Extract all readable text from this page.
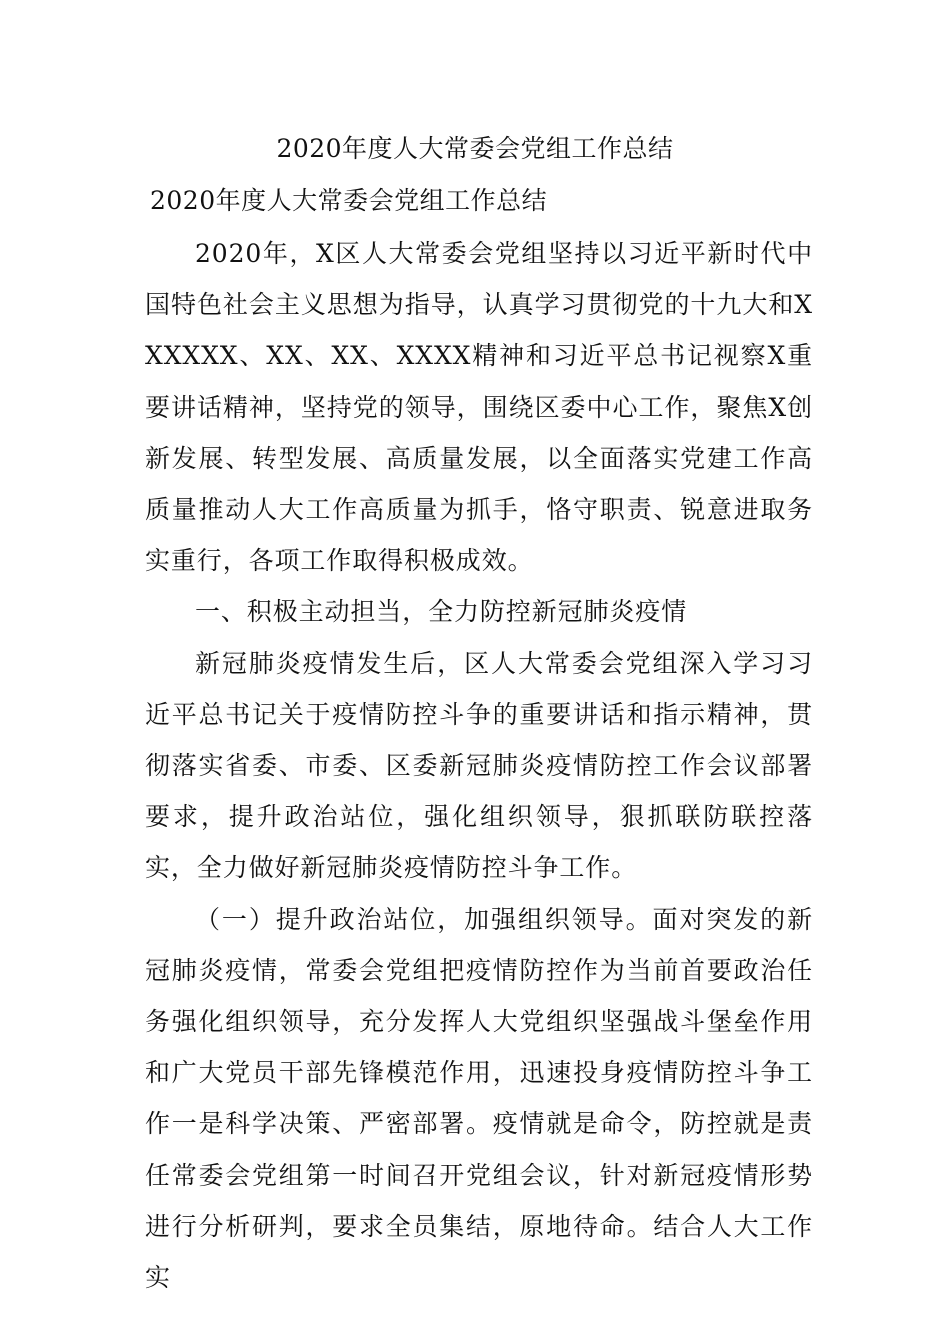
2020年度人大常委会党组工作总结
2020年度人大常委会党组工作总结

2020年，X区人大常委会党组坚持以习近平新时代中国特色社会主义思想为指导，认真学习贯彻党的十九大和XXXXXX、XX、XX、XXXX精神和习近平总书记视察X重要讲话精神，坚持党的领导，围绕区委中心工作，聚焦X创新发展、转型发展、高质量发展，以全面落实党建工作高质量推动人大工作高质量为抓手，恪守职责、锐意进取务实重行，各项工作取得积极成效。

一、积极主动担当，全力防控新冠肺炎疫情

新冠肺炎疫情发生后，区人大常委会党组深入学习习近平总书记关于疫情防控斗争的重要讲话和指示精神，贯彻落实省委、市委、区委新冠肺炎疫情防控工作会议部署要求，提升政治站位，强化组织领导，狠抓联防联控落实，全力做好新冠肺炎疫情防控斗争工作。

（一）提升政治站位，加强组织领导。面对突发的新冠肺炎疫情，常委会党组把疫情防控作为当前首要政治任务强化组织领导，充分发挥人大党组织坚强战斗堡垒作用和广大党员干部先锋模范作用，迅速投身疫情防控斗争工作一是科学决策、严密部署。疫情就是命令，防控就是责任常委会党组第一时间召开党组会议，针对新冠疫情形势进行分析研判，要求全员集结，原地待命。结合人大工作实
